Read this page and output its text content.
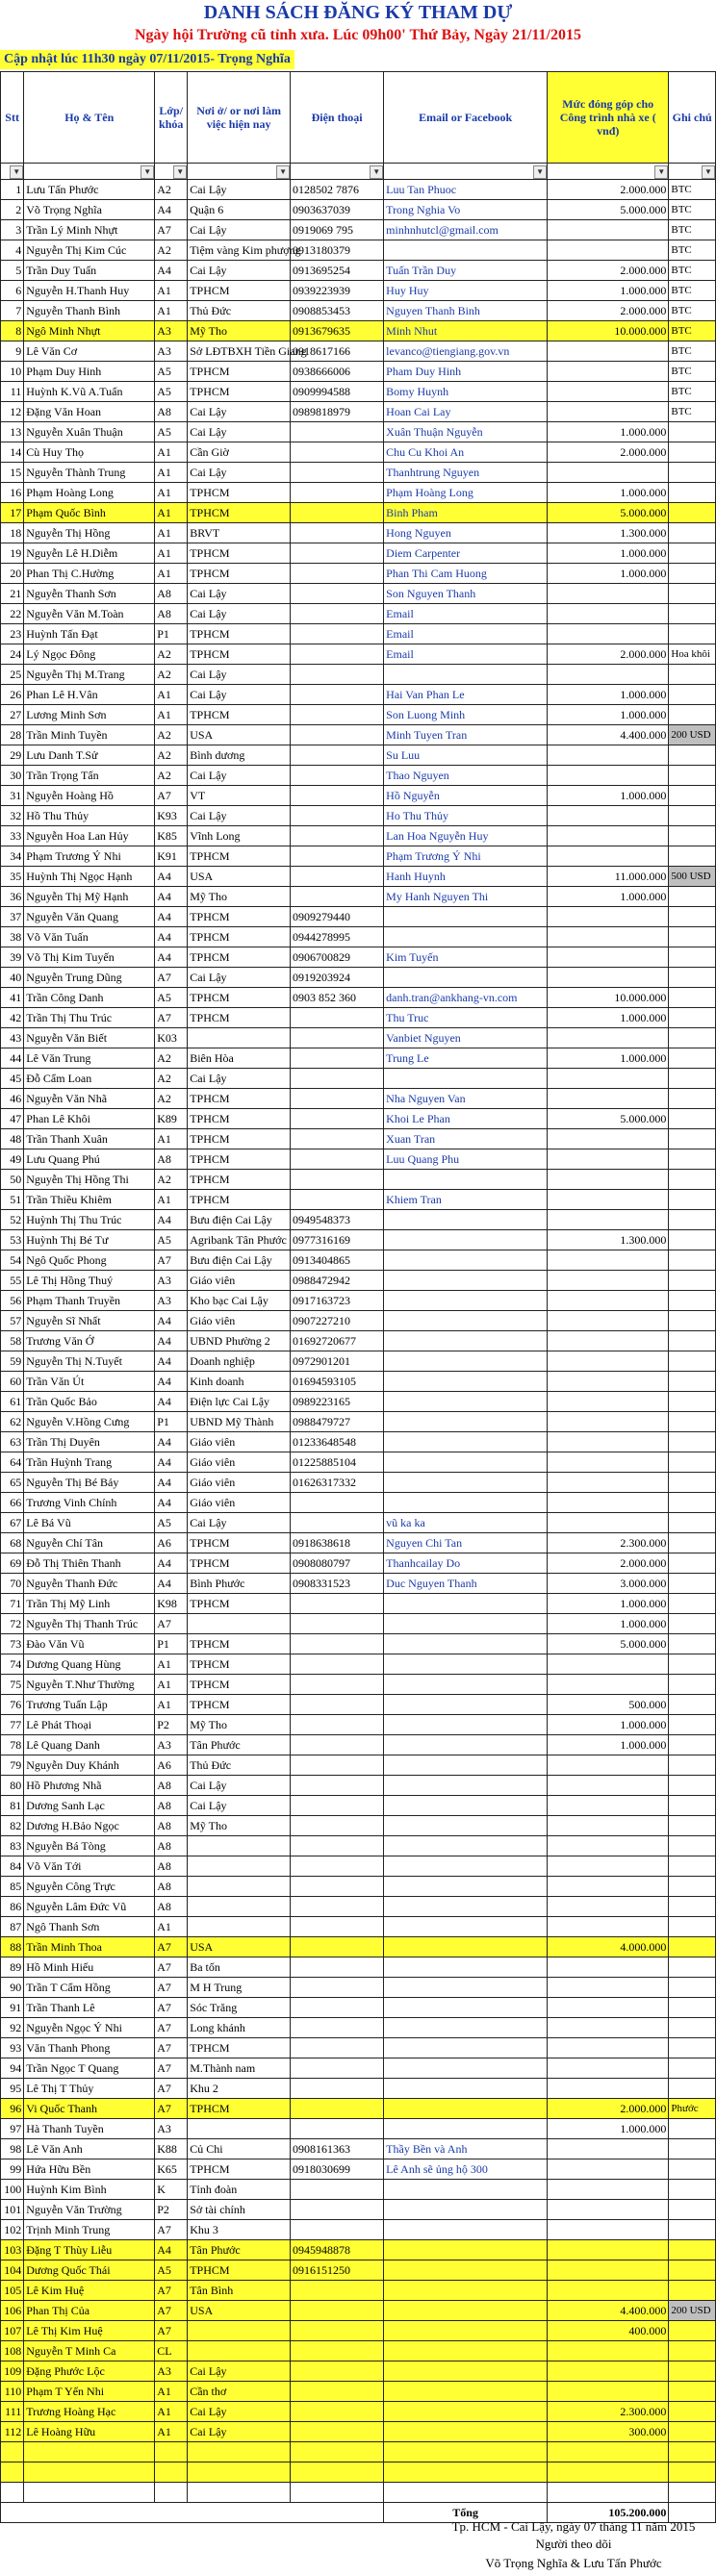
DANH SÁCH ĐĂNG KÝ THAM DỰ
Ngày hội Trường cũ tỉnh xưa. Lúc 09h00' Thứ Bảy, Ngày 21/11/2015
Cập nhật lúc 11h30 ngày 07/11/2015- Trọng Nghĩa
Stt	Họ & Tên	Lớp/ khóa	Nơi ở/ or nơi làm việc hiện nay	Điện thoại	Email or Facebook	Mức đóng góp cho Công trình nhà xe ( vnđ)	Ghi chú

▼	▼	▼	▼	▼	▼	▼	▼

1	Lưu Tấn Phước	A2	Cai Lậy	0128502 7876	Luu Tan Phuoc	2.000.000	BTC
2	Võ Trọng Nghĩa	A4	Quận 6	0903637039	Trong Nghia Vo	5.000.000	BTC
3	Trần Lý Minh Nhựt	A7	Cai Lậy	0919069 795	minhnhutcl@gmail.com		BTC
4	Nguyễn Thị Kim Cúc	A2	Tiệm vàng Kim phượng	0913180379			BTC
5	Trần Duy Tuấn	A4	Cai Lậy	0913695254	Tuấn Trần Duy	2.000.000	BTC
6	Nguyễn H.Thanh Huy	A1	TPHCM	0939223939	Huy Huy	1.000.000	BTC
7	Nguyễn Thanh Bình	A1	Thủ Đức	0908853453	Nguyen Thanh Binh	2.000.000	BTC
8	Ngô Minh Nhựt	A3	Mỹ Tho	0913679635	Minh Nhut	10.000.000	BTC
9	Lê Văn Cơ	A3	Sở LĐTBXH Tiền Giang	0918617166	levanco@tiengiang.gov.vn		BTC
10	Phạm Duy Hinh	A5	TPHCM	0938666006	Pham Duy Hinh		BTC
11	Huỳnh K.Vũ A.Tuấn	A5	TPHCM	0909994588	Bomy Huynh		BTC
12	Đặng Văn Hoan	A8	Cai Lậy	0989818979	Hoan Cai Lay		BTC
13	Nguyễn Xuân Thuận	A5	Cai Lậy		Xuân Thuận Nguyễn	1.000.000	
14	Cù Huy Thọ	A1	Cần Giờ		Chu Cu Khoi An	2.000.000	
15	Nguyễn Thành Trung	A1	Cai Lậy		Thanhtrung Nguyen		
16	Phạm Hoàng Long	A1	TPHCM		Phạm Hoàng Long	1.000.000	
17	Phạm Quốc Bình	A1	TPHCM		Binh Pham	5.000.000	
18	Nguyễn Thị Hồng	A1	BRVT		Hong Nguyen	1.300.000	
19	Nguyễn Lê H.Diễm	A1	TPHCM		Diem Carpenter	1.000.000	
20	Phan Thị C.Hường	A1	TPHCM		Phan Thi Cam Huong	1.000.000	
21	Nguyễn Thanh Sơn	A8	Cai Lậy		Son Nguyen Thanh		
22	Nguyễn Văn M.Toàn	A8	Cai Lậy		Email		
23	Huỳnh Tấn Đạt	P1	TPHCM		Email		
24	Lý Ngọc Đông	A2	TPHCM		Email	2.000.000	Hoa khôi
25	Nguyễn Thị M.Trang	A2	Cai Lậy				
26	Phan Lê H.Vân	A1	Cai Lậy		Hai Van Phan Le	1.000.000	
27	Lương Minh Sơn	A1	TPHCM		Son Luong Minh	1.000.000	
28	Trần Minh Tuyền	A2	USA		Minh Tuyen Tran	4.400.000	200 USD
29	Lưu Danh T.Sử	A2	Bình dương		Su Luu		
30	Trần Trọng Tấn	A2	Cai Lậy		Thao Nguyen		
31	Nguyễn Hoàng Hồ	A7	VT		Hồ Nguyễn	1.000.000	
32	Hồ Thu Thủy	K93	Cai Lậy		Ho Thu Thủy		
33	Nguyễn Hoa Lan Hủy	K85	Vĩnh Long		Lan Hoa Nguyễn Huy		
34	Phạm Trương Ý Nhi	K91	TPHCM		Phạm Trương Ý Nhi		
35	Huỳnh Thị Ngọc Hạnh	A4	USA		Hanh Huynh	11.000.000	500 USD
36	Nguyễn Thị Mỹ Hạnh	A4	Mỹ Tho		My Hanh Nguyen Thi	1.000.000	
37	Nguyễn Văn Quang	A4	TPHCM	0909279440			
38	Võ Văn Tuấn	A4	TPHCM	0944278995			
39	Võ Thị Kim Tuyến	A4	TPHCM	0906700829	Kim Tuyến		
40	Nguyễn Trung Dũng	A7	Cai Lậy	0919203924			
41	Trần Công Danh	A5	TPHCM	0903 852 360	danh.tran@ankhang-vn.com	10.000.000	
42	Trần Thị Thu Trúc	A7	TPHCM		Thu Truc	1.000.000	
43	Nguyễn Văn Biết	K03			Vanbiet Nguyen		
44	Lê Văn Trung	A2	Biên Hòa		Trung Le	1.000.000	
45	Đỗ Cẩm Loan	A2	Cai Lậy				
46	Nguyễn Văn Nhã	A2	TPHCM		Nha Nguyen Van		
47	Phan Lê Khôi	K89	TPHCM		Khoi Le Phan	5.000.000	
48	Trần Thanh Xuân	A1	TPHCM		Xuan Tran		
49	Lưu Quang Phú	A8	TPHCM		Luu Quang Phu		
50	Nguyễn Thị Hồng Thi	A2	TPHCM				
51	Trần Thiều Khiêm	A1	TPHCM		Khiem Tran		
52	Huỳnh Thị Thu Trúc	A4	Bưu điện Cai Lậy	0949548373			
53	Huỳnh Thị Bé Tư	A5	Agribank Tân Phước	0977316169		1.300.000	
54	Ngô Quốc Phong	A7	Bưu điện Cai Lậy	0913404865			
55	Lê Thị Hồng Thuý	A3	Giáo viên	0988472942			
56	Phạm Thanh Truyền	A3	Kho bạc Cai Lậy	0917163723			
57	Nguyễn Sĩ Nhất	A4	Giáo viên	0907227210			
58	Trương Văn Ớ	A4	UBND Phường 2	01692720677			
59	Nguyễn Thị N.Tuyết	A4	Doanh nghiệp	0972901201			
60	Trần Văn Út	A4	Kinh doanh	01694593105			
61	Trần Quốc Bảo	A4	Điện lực Cai Lậy	0989223165			
62	Nguyễn V.Hồng Cưng	P1	UBND Mỹ Thành	0988479727			
63	Trần Thị Duyên	A4	Giáo viên	01233648548			
64	Trần Huỳnh Trang	A4	Giáo viên	01225885104			
65	Nguyễn Thị Bé Bảy	A4	Giáo viên	01626317332			
66	Trương Vinh Chính	A4	Giáo viên				
67	Lê Bá Vũ	A5	Cai Lậy		vũ ka ka		
68	Nguyễn Chí Tân	A6	TPHCM	0918638618	Nguyen Chi Tan	2.300.000	
69	Đỗ Thị Thiên Thanh	A4	TPHCM	0908080797	Thanhcailay Do	2.000.000	
70	Nguyễn Thanh Đức	A4	Bình Phước	0908331523	Duc Nguyen Thanh	3.000.000	
71	Trần Thị Mỹ Linh	K98	TPHCM			1.000.000	
72	Nguyễn Thị Thanh Trúc	A7				1.000.000	
73	Đào Văn Vũ	P1	TPHCM			5.000.000	
74	Dương Quang Hùng	A1	TPHCM				
75	Nguyễn T.Như Thường	A1	TPHCM				
76	Trương Tuấn Lập	A1	TPHCM			500.000	
77	Lê Phát Thoại	P2	Mỹ Tho			1.000.000	
78	Lê Quang Danh	A3	Tân Phước			1.000.000	
79	Nguyễn Duy Khánh	A6	Thủ Đức				
80	Hồ Phương Nhã	A8	Cai Lậy				
81	Dương Sanh Lạc	A8	Cai Lậy				
82	Dương H.Bảo Ngọc	A8	Mỹ Tho				
83	Nguyễn Bá Tòng	A8					
84	Võ Văn Tới	A8					
85	Nguyễn Công Trực	A8					
86	Nguyễn Lâm Đức Vũ	A8					
87	Ngô Thanh Sơn	A1					
88	Trần Minh Thoa	A7	USA			4.000.000	
89	Hồ Minh Hiếu	A7	Ba tốn				
90	Trần T Cẩm Hồng	A7	M H Trung				
91	Trần Thanh Lê	A7	Sóc Trăng				
92	Nguyễn Ngọc Ý Nhi	A7	Long khánh				
93	Văn Thanh Phong	A7	TPHCM				
94	Trần Ngọc T Quang	A7	M.Thành nam				
95	Lê Thị T Thủy	A7	Khu 2				
96	Vi Quốc Thanh	A7	TPHCM			2.000.000	Phước
97	Hà Thanh Tuyền	A3				1.000.000	
98	Lê Văn Anh	K88	Củ Chi	0908161363	Thầy Bền và Anh		
99	Hứa Hữu Bền	K65	TPHCM	0918030699	Lê Anh sẽ ủng hộ 300		
100	Huỳnh Kim Bình	K	Tỉnh đoàn				
101	Nguyễn Văn Trường	P2	Sở tài chính				
102	Trịnh Minh Trung	A7	Khu 3				
103	Đặng T Thùy Liễu	A4	Tân Phước	0945948878			
104	Dương Quốc Thái	A5	TPHCM	0916151250			
105	Lê Kim Huệ	A7	Tân Bình				
106	Phan Thị Của	A7	USA			4.400.000	200 USD
107	Lê Thị Kim Huệ	A7				400.000	
108	Nguyễn T Minh Ca	CL					
109	Đặng Phước Lộc	A3	Cai Lậy				
110	Phạm T Yến Nhi	A1	Cần thơ				
111	Trương Hoàng Hạc	A1	Cai Lậy			2.300.000	
112	Lê Hoàng Hữu	A1	Cai Lậy			300.000	

					Tổng	105.200.000	
Tp. HCM - Cai Lậy, ngày 07 tháng 11 năm 2015
Người theo dõi
Võ Trọng Nghĩa & Lưu Tấn Phước
